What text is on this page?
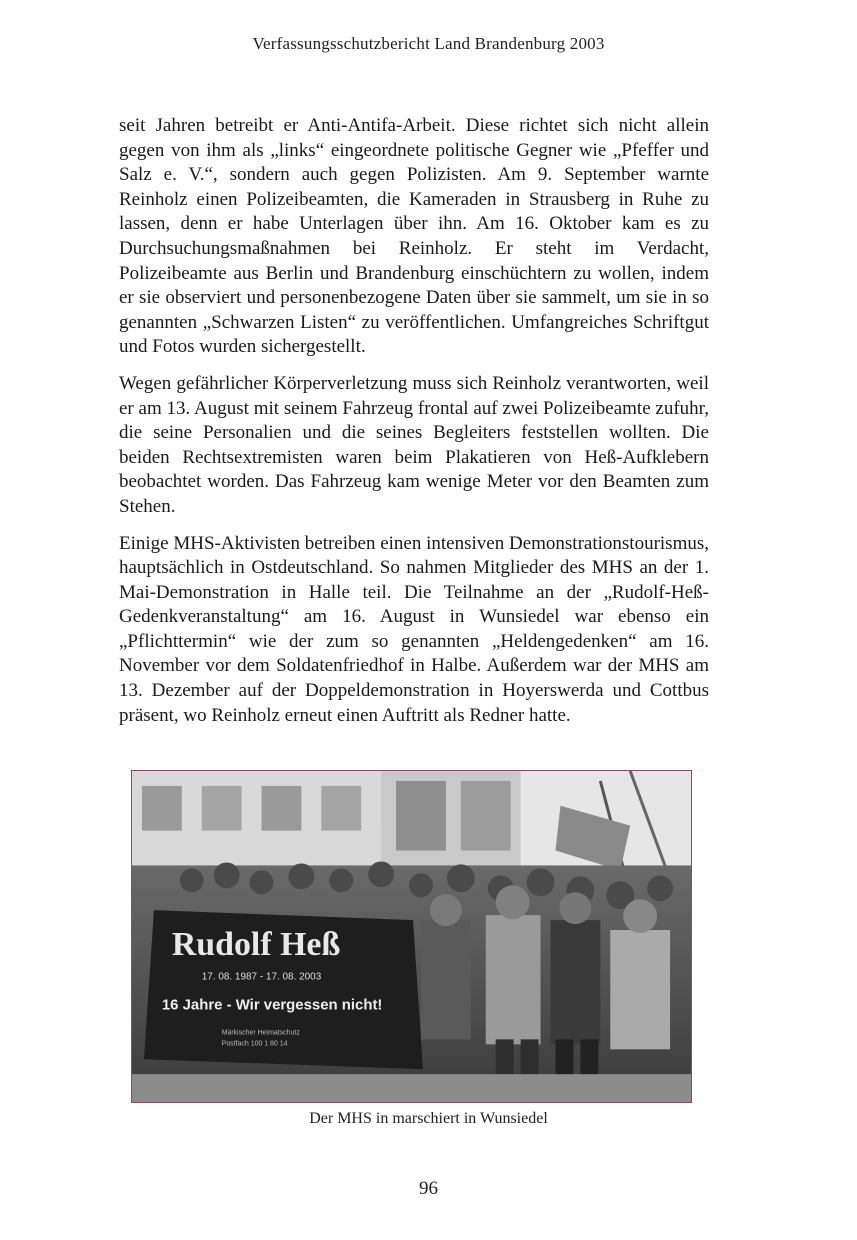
Verfassungsschutzbericht Land Brandenburg 2003

seit Jahren betreibt er Anti-Antifa-Arbeit. Diese richtet sich nicht allein gegen von ihm als „links“ eingeordnete politische Gegner wie „Pfeffer und Salz e. V.“, sondern auch gegen Polizisten. Am 9. September warnte Reinholz einen Polizeibeamten, die Kameraden in Strausberg in Ruhe zu lassen, denn er habe Unterlagen über ihn. Am 16. Oktober kam es zu Durchsuchungsmaßnahmen bei Reinholz. Er steht im Verdacht, Polizeibeamte aus Berlin und Brandenburg einschüchtern zu wollen, indem er sie observiert und personenbezogene Daten über sie sammelt, um sie in so genannten „Schwarzen Listen“ zu veröffentlichen. Umfangreiches Schriftgut und Fotos wurden sichergestellt.

Wegen gefährlicher Körperverletzung muss sich Reinholz verantworten, weil er am 13. August mit seinem Fahrzeug frontal auf zwei Polizeibeamte zufuhr, die seine Personalien und die seines Begleiters feststellen wollten. Die beiden Rechtsextremisten waren beim Plakatieren von Heß-Aufklebern beobachtet worden. Das Fahrzeug kam wenige Meter vor den Beamten zum Stehen.

Einige MHS-Aktivisten betreiben einen intensiven Demonstrationstourismus, hauptsächlich in Ostdeutschland. So nahmen Mitglieder des MHS an der 1. Mai-Demonstration in Halle teil. Die Teilnahme an der „Rudolf-Heß-Gedenkveranstaltung“ am 16. August in Wunsiedel war ebenso ein „Pflichttermin“ wie der zum so genannten „Heldengedenken“ am 16. November vor dem Soldatenfriedhof in Halbe. Außerdem war der MHS am 13. Dezember auf der Doppeldemonstration in Hoyerswerda und Cottbus präsent, wo Reinholz erneut einen Auftritt als Redner hatte.

Rudolf Heß
17. 08. 1987 - 17. 08. 2003
16 Jahre - Wir vergessen nicht!
Märkischer Heimatschutz
Postfach 100 1 80 14
Der MHS in marschiert in Wunsiedel
96
